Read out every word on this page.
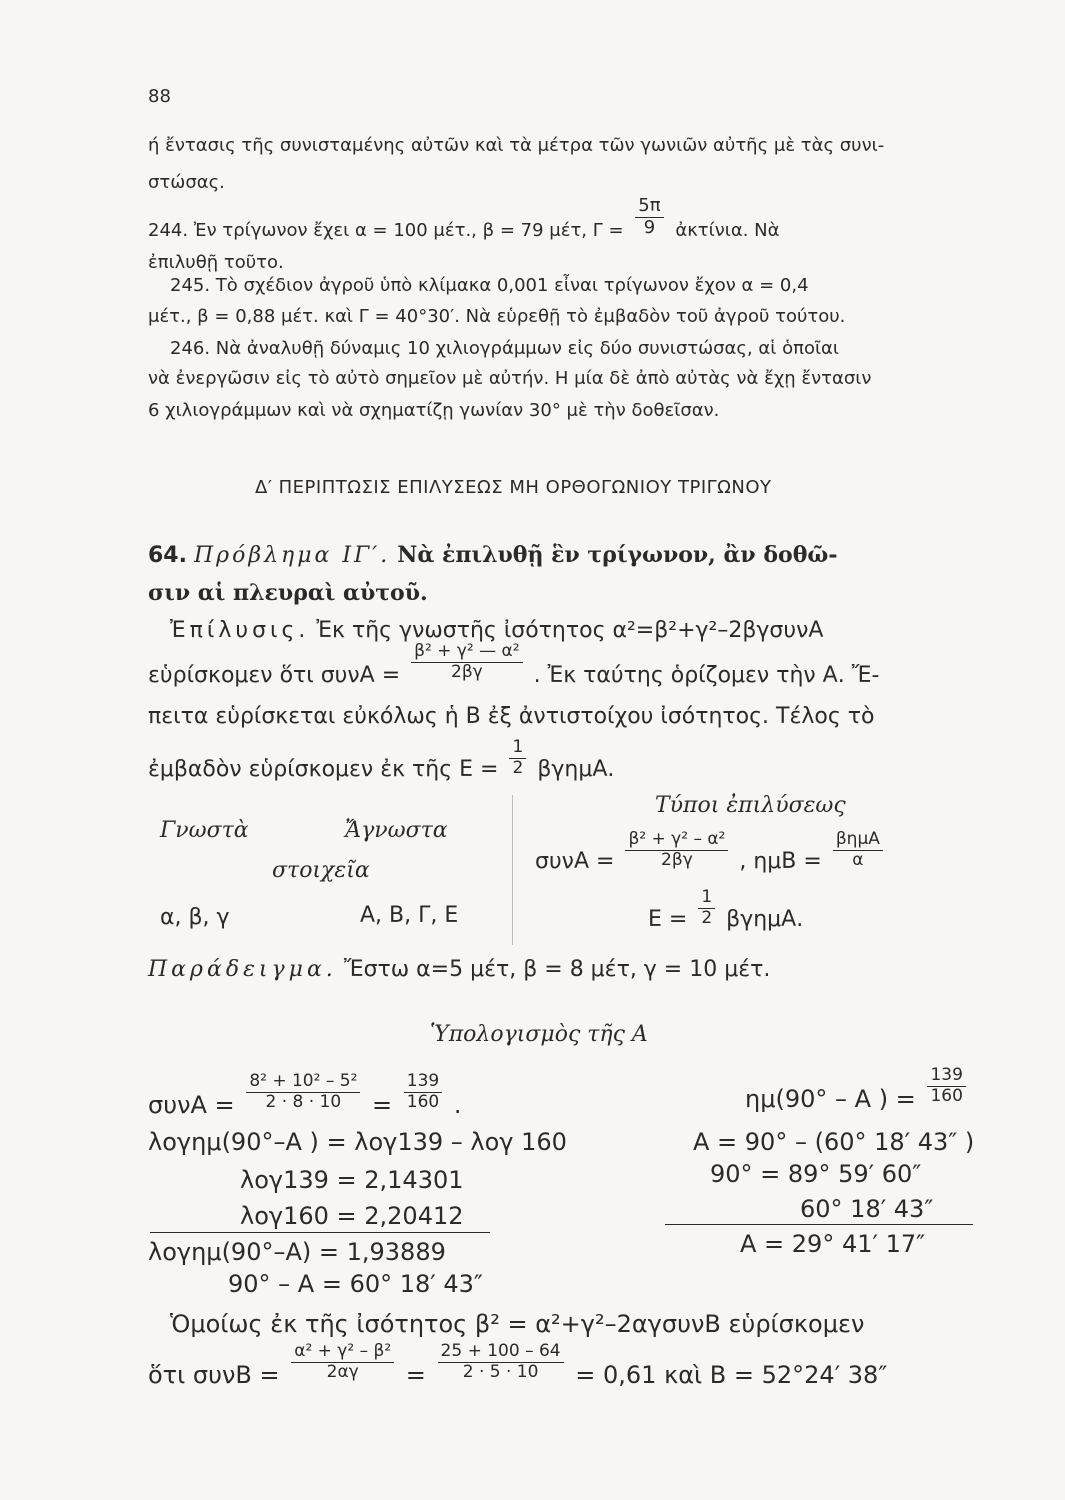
88
ή ἔντασις τῆς συνισταμένης αὐτῶν καὶ τὰ μέτρα τῶν γωνιῶν αὐτῆς μὲ τὰς συνι-
στώσας.
244. Ἐν τρίγωνον ἔχει α = 100 μέτ., β = 79 μέτ, $\Gamma = \frac{5\pi}{9}$ ἀκτίνια. Νὰ
ἐπιλυθῇ τοῦτο.
245. Τὸ σχέδιον ἀγροῦ ὑπὸ κλίμακα 0,001 εἶναι τρίγωνον ἔχον α = 0,4
μέτ., β = 0,88 μέτ. καὶ Γ = 40°30′. Νὰ εὑρεθῇ τὸ ἐμβαδὸν τοῦ ἀγροῦ τούτου.
246. Νὰ ἀναλυθῇ δύναμις 10 χιλιογράμμων εἰς δύο συνιστώσας, αἱ ὁποῖαι
νὰ ἐνεργῶσιν εἰς τὸ αὐτὸ σημεῖον μὲ αὐτήν. Η μία δὲ ἀπὸ αὐτὰς νὰ ἔχῃ ἔντασιν
6 χιλιογράμμων καὶ νὰ σχηματίζῃ γωνίαν 30° μὲ τὴν δοθεῖσαν.
Δ′ ΠΕΡΙΠΤΩΣΙΣ ΕΠΙΛΥΣΕΩΣ ΜΗ ΟΡΘΟΓΩΝΙΟΥ ΤΡΙΓΩΝΟΥ
64. Πρόβλημα ΙΓ′. Νὰ ἐπιλυθῇ ἓν τρίγωνον, ἂν δοθῶ-
σιν αἱ πλευραὶ αὐτοῦ.
Ἐπίλυσις. Ἐκ τῆς γνωστῆς ἰσότητος α²=β²+γ²–2βγσυνΑ
εὑρίσκομεν ὅτι $\sigma\upsilon\nu A = \frac{\text{β² + γ² — α²}}{2\beta\gamma}$ . Ἐκ ταύτης ὁρίζομεν τὴν Α. Ἔ-
πειτα εὑρίσκεται εὐκόλως ἡ Β ἐξ ἀντιστοίχου ἰσότητος. Τέλος τὸ
ἐμβαδὸν εὑρίσκομεν ἐκ τῆς $E = \frac{1}{2} \beta\gamma\eta\mu A$.
Γνωστὰ	Ἄγνωστα
στοιχεῖα
Τύποι ἐπιλύσεως
α, β, γ	Α, Β, Γ, Ε
$\sigma\upsilon\nu A = \frac{\text{β² + γ² – α²}}{2\beta\gamma}$ , $\eta\mu B = \frac{\text{βημΑ}}{\alpha}$
$E = \frac{1}{2} \beta\gamma\eta\mu A$.
Παράδειγμα. Ἔστω α=5 μέτ, β = 8 μέτ, γ = 10 μέτ.
Ὑπολογισμὸς τῆς Α
$\sigma\upsilon\nu A = \frac{\text{8² + 10² – 5²}}{2 \cdot 8 \cdot 10} = \frac{139}{160}$ .	ημ(90° – Α ) = $\frac{139}{160}$
λογημ(90°–Α ) = λογ139 – λογ 160	Α = 90° – (60° 18′ 43″ )
λογ139 = 2,14301	90° = 89° 59′ 60″
λογ160 = 2,20412	60° 18′ 43″
λογημ(90°–Α) = 1,93889	Α = 29° 41′ 17″
90° – Α = 60° 18′ 43″
Ὁμοίως ἐκ τῆς ἰσότητος β² = α²+γ²–2αγσυνΒ εὑρίσκομεν
ὅτι $\sigma\upsilon\nu B = \frac{\text{α² + γ² – β²}}{2\alpha\gamma} = \frac{25 + 100 - 64}{2 \cdot 5 \cdot 10} = 0,61$ καὶ Β = 52°24′ 38″
